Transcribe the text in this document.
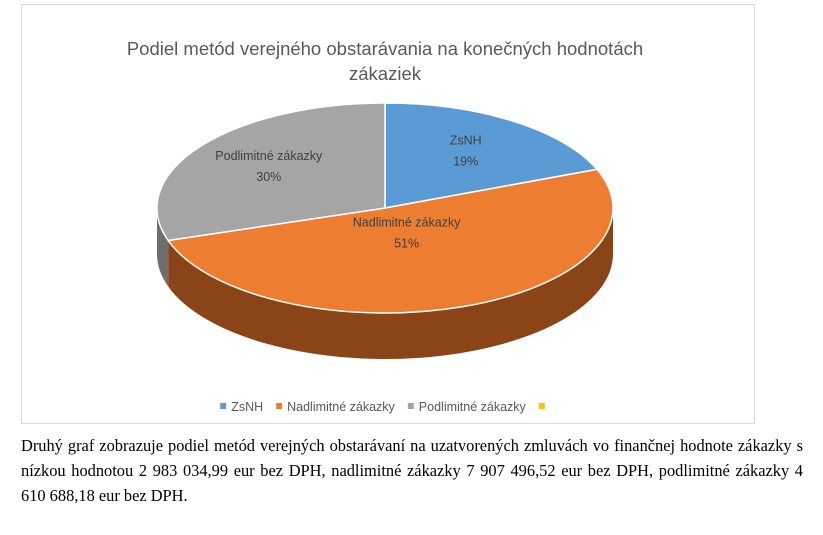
ZsNH
19%
Nadlimitné zákazky
51%
Podlimitné zákazky
30%
Podiel metód verejného obstarávania na konečných hodnotách
zákaziek
ZsNH Nadlimitné zákazky Podlimitné zákazky

Druhý graf zobrazuje podiel metód verejných obstarávaní na uzatvorených zmluvách vo finančnej hodnote zákazky s nízkou hodnotou 2 983 034,99 eur bez DPH, nadlimitné zákazky 7 907 496,52 eur bez DPH, podlimitné zákazky 4 610 688,18 eur bez DPH.
